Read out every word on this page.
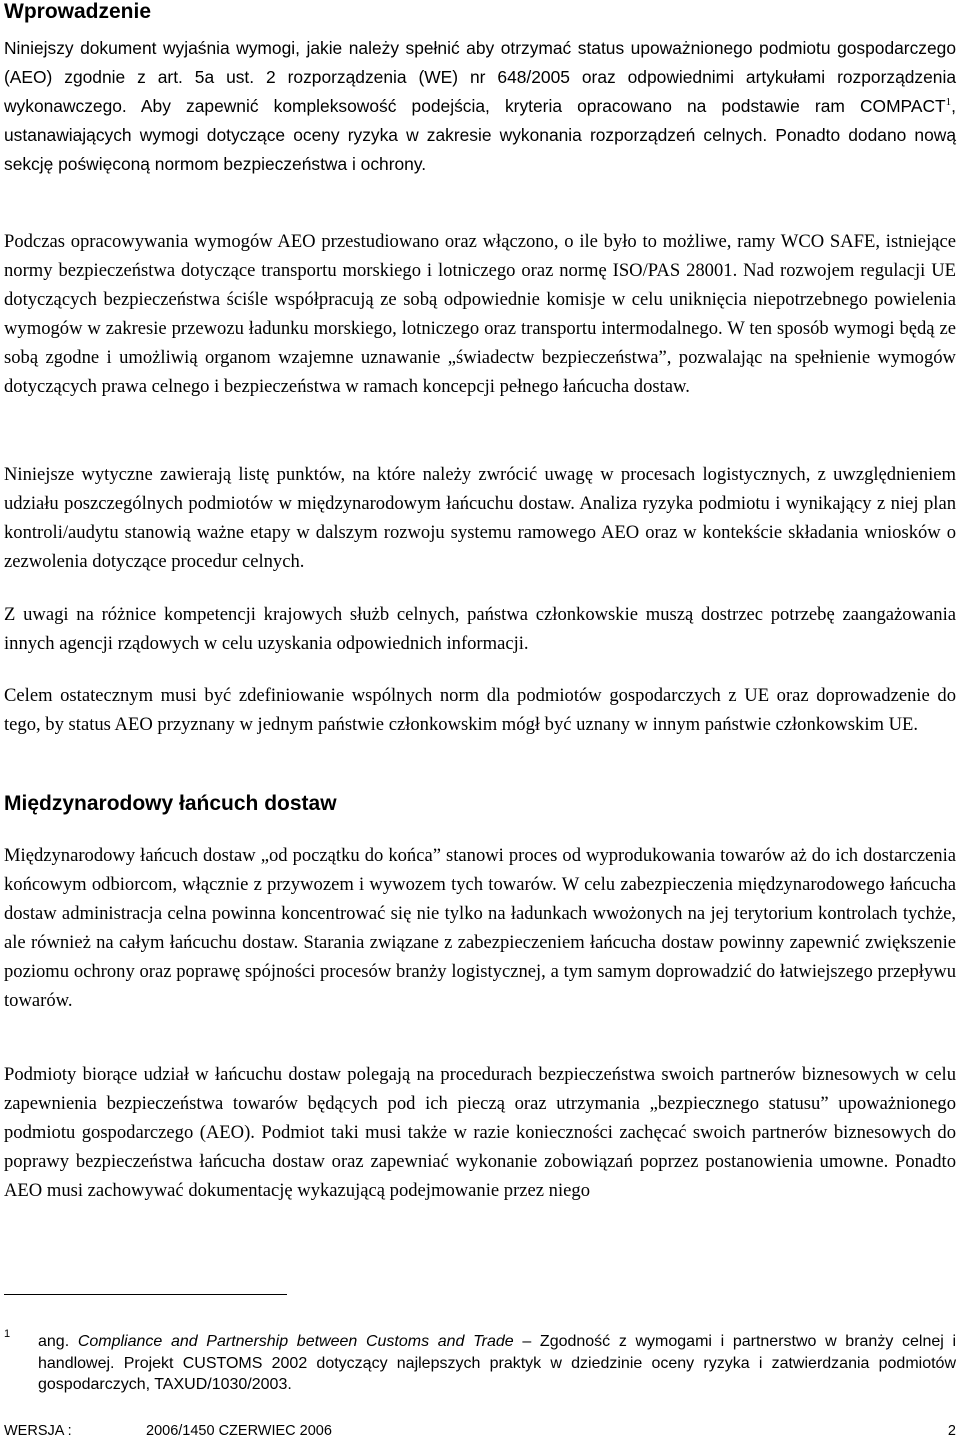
Wprowadzenie

Niniejszy dokument wyjaśnia wymogi, jakie należy spełnić aby otrzymać status upoważnionego podmiotu gospodarczego (AEO) zgodnie z art. 5a ust. 2 rozporządzenia (WE) nr 648/2005 oraz odpowiednimi artykułami rozporządzenia wykonawczego. Aby zapewnić kompleksowość podejścia, kryteria opracowano na podstawie ram COMPACT$^1$, ustanawiających wymogi dotyczące oceny ryzyka w zakresie wykonania rozporządzeń celnych. Ponadto dodano nową sekcję poświęconą normom bezpieczeństwa i ochrony.

Podczas opracowywania wymogów AEO przestudiowano oraz włączono, o ile było to możliwe, ramy WCO SAFE, istniejące normy bezpieczeństwa dotyczące transportu morskiego i lotniczego oraz normę ISO/PAS 28001. Nad rozwojem regulacji UE dotyczących bezpieczeństwa ściśle współpracują ze sobą odpowiednie komisje w celu uniknięcia niepotrzebnego powielenia wymogów w zakresie przewozu ładunku morskiego, lotniczego oraz transportu intermodalnego. W ten sposób wymogi będą ze sobą zgodne i umożliwią organom wzajemne uznawanie „świadectw bezpieczeństwa”, pozwalając na spełnienie wymogów dotyczących prawa celnego i bezpieczeństwa w ramach koncepcji pełnego łańcucha dostaw.

Niniejsze wytyczne zawierają listę punktów, na które należy zwrócić uwagę w procesach logistycznych, z uwzględnieniem udziału poszczególnych podmiotów w międzynarodowym łańcuchu dostaw. Analiza ryzyka podmiotu i wynikający z niej plan kontroli/audytu stanowią ważne etapy w dalszym rozwoju systemu ramowego AEO oraz w kontekście składania wniosków o zezwolenia dotyczące procedur celnych.

Z uwagi na różnice kompetencji krajowych służb celnych, państwa członkowskie muszą dostrzec potrzebę zaangażowania innych agencji rządowych w celu uzyskania odpowiednich informacji.

Celem ostatecznym musi być zdefiniowanie wspólnych norm dla podmiotów gospodarczych z UE oraz doprowadzenie do tego, by status AEO przyznany w jednym państwie członkowskim mógł być uznany w innym państwie członkowskim UE.

Międzynarodowy łańcuch dostaw

Międzynarodowy łańcuch dostaw „od początku do końca” stanowi proces od wyprodukowania towarów aż do ich dostarczenia końcowym odbiorcom, włącznie z przywozem i wywozem tych towarów. W celu zabezpieczenia międzynarodowego łańcucha dostaw administracja celna powinna koncentrować się nie tylko na ładunkach wwożonych na jej terytorium kontrolach tychże, ale również na całym łańcuchu dostaw. Starania związane z zabezpieczeniem łańcucha dostaw powinny zapewnić zwiększenie poziomu ochrony oraz poprawę spójności procesów branży logistycznej, a tym samym doprowadzić do łatwiejszego przepływu towarów.

Podmioty biorące udział w łańcuchu dostaw polegają na procedurach bezpieczeństwa swoich partnerów biznesowych w celu zapewnienia bezpieczeństwa towarów będących pod ich pieczą oraz utrzymania „bezpiecznego statusu” upoważnionego podmiotu gospodarczego (AEO). Podmiot taki musi także w razie konieczności zachęcać swoich partnerów biznesowych do poprawy bezpieczeństwa łańcucha dostaw oraz zapewniać wykonanie zobowiązań poprzez postanowienia umowne. Ponadto AEO musi zachowywać dokumentację wykazującą podejmowanie przez niego

1 ang. Compliance and Partnership between Customs and Trade – Zgodność z wymogami i partnerstwo w branży celnej i handlowej. Projekt CUSTOMS 2002 dotyczący najlepszych praktyk w dziedzinie oceny ryzyka i zatwierdzania podmiotów gospodarczych, TAXUD/1030/2003.

WERSJA :	2006/1450 CZERWIEC 2006	2
